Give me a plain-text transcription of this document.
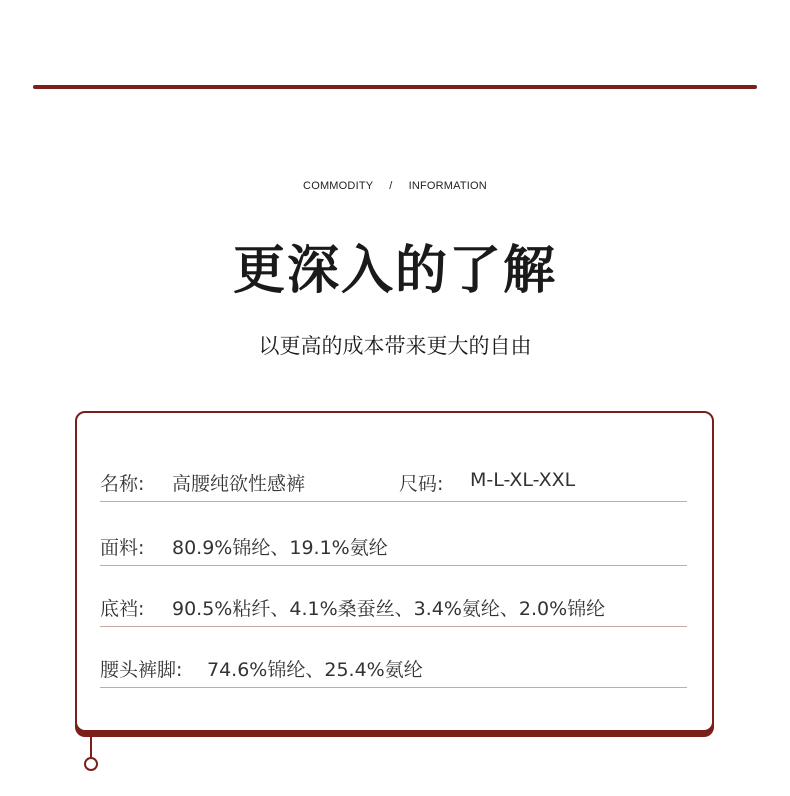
COMMODITY / INFORMATION
更深入的了解
以更高的成本带来更大的自由
名称: 高腰纯欲性感裤	尺码: M-L-XL-XXL
面料: 80.9%锦纶、19.1%氨纶
底裆: 90.5%粘纤、4.1%桑蚕丝、3.4%氨纶、2.0%锦纶
腰头裤脚: 74.6%锦纶、25.4%氨纶
